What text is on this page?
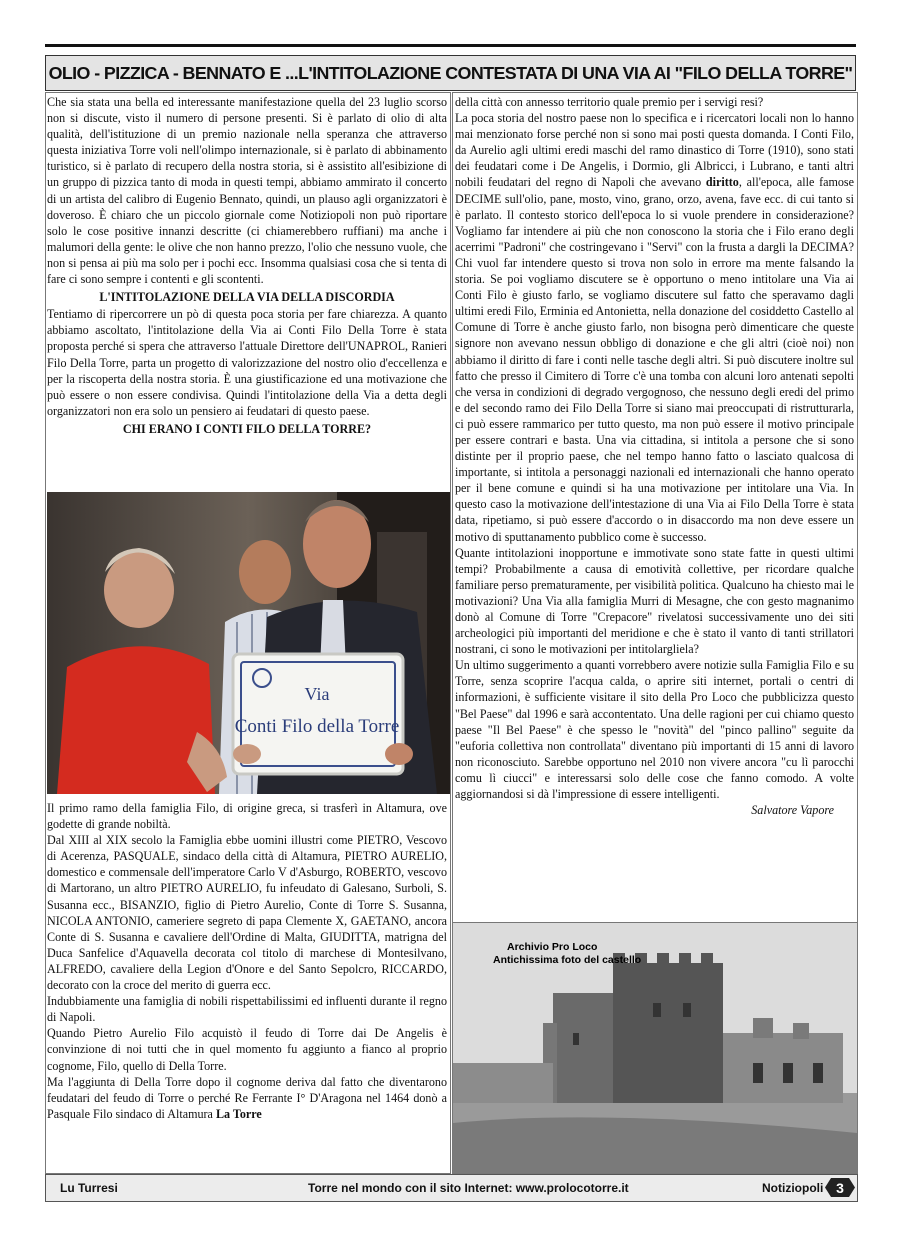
OLIO - PIZZICA - BENNATO E ...L'INTITOLAZIONE CONTESTATA DI UNA VIA AI "FILO DELLA TORRE"

Che sia stata una bella ed interessante manifestazione quella del 23 luglio scorso non si discute, visto il numero di persone presenti. Si è parlato di olio di alta qualità, dell'istituzione di un premio nazionale nella speranza che attraverso questa iniziativa Torre voli nell'olimpo internazionale, si è parlato di abbinamento turistico, si è parlato di recupero della nostra storia, si è assistito all'esibizione di un gruppo di pizzica tanto di moda in questi tempi, abbiamo ammirato il concerto di un artista del calibro di Eugenio Bennato, quindi, un plauso agli organizzatori è doveroso. È chiaro che un piccolo giornale come Notiziopoli non può riportare solo le cose positive innanzi descritte (ci chiamerebbero ruffiani) ma anche i malumori della gente: le olive che non hanno prezzo, l'olio che nessuno vuole, che non si pensa ai più ma solo per i pochi ecc. Insomma qualsiasi cosa che si tenta di fare ci sono sempre i contenti e gli scontenti.

L'INTITOLAZIONE DELLA VIA DELLA DISCORDIA

Tentiamo di ripercorrere un pò di questa poca storia per fare chiarezza. A quanto abbiamo ascoltato, l'intitolazione della Via ai Conti Filo Della Torre è stata proposta perché si spera che attraverso l'attuale Direttore dell'UNAPROL, Ranieri Filo Della Torre, parta un progetto di valorizzazione del nostro olio d'eccellenza e per la riscoperta della nostra storia. È una giustificazione ed una motivazione che può essere o non essere condivisa. Quindi l'intitolazione della Via a detta degli organizzatori non era solo un pensiero ai feudatari di questo paese.

CHI ERANO I CONTI FILO DELLA TORRE?

Via
Conti Filo della Torre

Il primo ramo della famiglia Filo, di origine greca, si trasferì in Altamura, ove godette di grande nobiltà.

Dal XIII al XIX secolo la Famiglia ebbe uomini illustri come PIETRO, Vescovo di Acerenza, PASQUALE, sindaco della città di Altamura, PIETRO AURELIO, domestico e commensale dell'imperatore Carlo V d'Asburgo, ROBERTO, vescovo di Martorano, un altro PIETRO AURELIO, fu infeudato di Galesano, Surboli, S. Susanna ecc., BISANZIO, figlio di Pietro Aurelio, Conte di Torre S. Susanna, NICOLA ANTONIO, cameriere segreto di papa Clemente X, GAETANO, ancora Conte di S. Susanna e cavaliere dell'Ordine di Malta, GIUDITTA, matrigna del Duca Sanfelice d'Aquavella decorata col titolo di marchese di Montesilvano, ALFREDO, cavaliere della Legion d'Onore e del Santo Sepolcro, RICCARDO, decorato con la croce del merito di guerra ecc.

Indubbiamente una famiglia di nobili rispettabilissimi ed influenti durante il regno di Napoli.

Quando Pietro Aurelio Filo acquistò il feudo di Torre dai De Angelis è convinzione di noi tutti che in quel momento fu aggiunto a fianco al proprio cognome, Filo, quello di Della Torre.

Ma l'aggiunta di Della Torre dopo il cognome deriva dal fatto che diventarono feudatari del feudo di Torre o perché Re Ferrante I° D'Aragona nel 1464 donò a Pasquale Filo sindaco di Altamura La Torre

della città con annesso territorio quale premio per i servigi resi?

La poca storia del nostro paese non lo specifica e i ricercatori locali non lo hanno mai menzionato forse perché non si sono mai posti questa domanda. I Conti Filo, da Aurelio agli ultimi eredi maschi del ramo dinastico di Torre (1910), sono stati dei feudatari come i De Angelis, i Dormio, gli Albricci, i Lubrano, e tanti altri nobili feudatari del regno di Napoli che avevano diritto, all'epoca, alle famose DECIME sull'olio, pane, mosto, vino, grano, orzo, avena, fave ecc. di cui tanto si è parlato. Il contesto storico dell'epoca lo si vuole prendere in considerazione? Vogliamo far intendere ai più che non conoscono la storia che i Filo erano degli acerrimi "Padroni" che costringevano i "Servi" con la frusta a dargli la DECIMA? Chi vuol far intendere questo si trova non solo in errore ma mente falsando la storia. Se poi vogliamo discutere se è opportuno o meno intitolare una Via ai Conti Filo è giusto farlo, se vogliamo discutere sul fatto che speravamo dagli ultimi eredi Filo, Erminia ed Antonietta, nella donazione del cosiddetto Castello al Comune di Torre è anche giusto farlo, non bisogna però dimenticare che queste signore non avevano nessun obbligo di donazione e che gli altri (cioè noi) non abbiamo il diritto di fare i conti nelle tasche degli altri. Si può discutere inoltre sul fatto che presso il Cimitero di Torre c'è una tomba con alcuni loro antenati sepolti che versa in condizioni di degrado vergognoso, che nessuno degli eredi del primo e del secondo ramo dei Filo Della Torre si siano mai preoccupati di ristrutturarla, ci può essere rammarico per tutto questo, ma non può essere il motivo principale per essere contrari e basta. Una via cittadina, si intitola a persone che si sono distinte per il proprio paese, che nel tempo hanno fatto o lasciato qualcosa di importante, si intitola a personaggi nazionali ed internazionali che hanno operato per il bene comune e quindi si ha una motivazione per intitolare una Via. In questo caso la motivazione dell'intestazione di una Via ai Filo Della Torre è stata data, ripetiamo, si può essere d'accordo o in disaccordo ma non deve essere un motivo di sputtanamento pubblico come è successo.

Quante intitolazioni inopportune e immotivate sono state fatte in questi ultimi tempi? Probabilmente a causa di emotività collettive, per ricordare qualche familiare perso prematuramente, per visibilità politica. Qualcuno ha chiesto mai le motivazioni? Una Via alla famiglia Murri di Mesagne, che con gesto magnanimo donò al Comune di Torre "Crepacore" rivelatosi successivamente uno dei siti archeologici più importanti del meridione e che è stato il vanto di tanti strillatori nostrani, ci sono le motivazioni per intitolargliela?

Un ultimo suggerimento a quanti vorrebbero avere notizie sulla Famiglia Filo e su Torre, senza scoprire l'acqua calda, o aprire siti internet, portali o centri di informazioni, è sufficiente visitare il sito della Pro Loco che pubblicizza questo "Bel Paese" dal 1996 e sarà accontentato. Una delle ragioni per cui chiamo questo paese "Il Bel Paese" è che spesso le "novità" del "pinco pallino" seguite da "euforia collettiva non controllata" diventano più importanti di 15 anni di lavoro non riconosciuto. Sarebbe opportuno nel 2010 non vivere ancora "cu lì parocchi comu lì ciucci" e interessarsi solo delle cose che fanno comodo. A volte aggiornandosi si dà l'impressione di essere intelligenti.

Salvatore Vapore

Archivio Pro Loco
Antichissima foto del castello
Lu Turresi	Torre nel mondo con il sito Internet: www.prolocotorre.it	Notiziopoli 3
